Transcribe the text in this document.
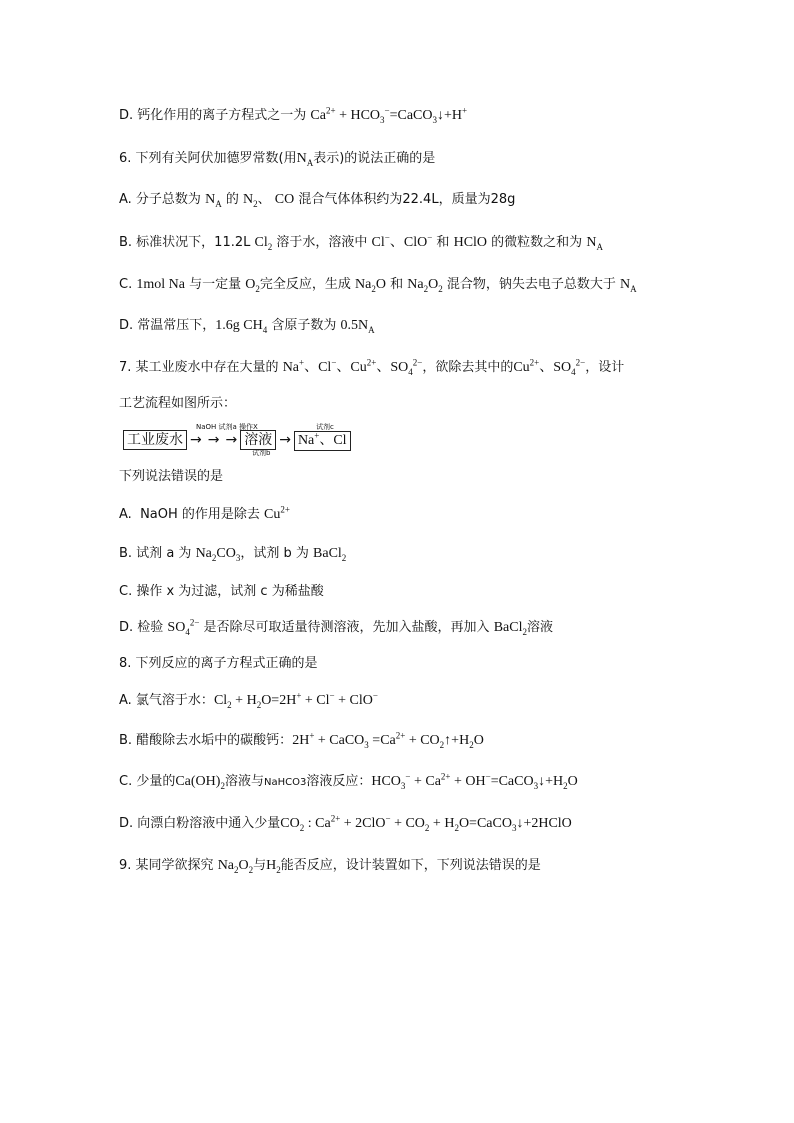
D. 钙化作用的离子方程式之一为 $Ca^{2+}$ + $HCO_3^-=CaCO_3↓+H^+$
6. 下列有关阿伏加德罗常数(用$N_A$表示)的说法正确的是
A. 分子总数为 $N_A$ 的 $N_2$、 CO 混合气体体积约为22.4L，质量为28g
B. 标准状况下，11.2L $Cl_2$ 溶于水，溶液中 Cl−、ClO− 和 HClO 的微粒数之和为 $N_A$
C. 1mol Na 与一定量 $O_2$完全反应，生成 $Na_2O$ 和 $Na_2O_2$ 混合物，钠失去电子总数大于 $N_A$
D. 常温常压下，1.6g $CH_4$ 含原子数为 $0.5N_A$
7. 某工业废水中存在大量的 Na+、Cl−、$Cu^{2+}$、$SO_4^{2-}$，欲除去其中的$Cu^{2+}$、$SO_4^{2-}$，设计
工艺流程如图所示：
NaOH 试剂a 操作X
试剂b
试剂c
工业废水 → → → 溶液 → Na+、Cl
下列说法错误的是
A. NaOH 的作用是除去 $Cu^{2+}$
B. 试剂 a 为 $Na_2CO_3$，试剂 b 为 BaCl$_2$
C. 操作 x 为过滤，试剂 c 为稀盐酸
D. 检验 $SO_4^{2-}$ 是否除尽可取适量待测溶液，先加入盐酸，再加入 BaCl$_2$溶液
8. 下列反应的离子方程式正确的是
A. 氯气溶于水：$Cl_2 + H_2O=2H^+ + Cl^- + ClO^-$
B. 醋酸除去水垢中的碳酸钙：2H+ + CaCO$_3$ $=Ca^{2+}$ + $CO_2↑+H_2O$
C. 少量的$Ca(OH)_2$溶液与NaHCO3溶液反应：$HCO_3^- + Ca^{2+}$ + $OH^-=CaCO_3↓+H_2O$
D. 向漂白粉溶液中通入少量$CO_2$ : $Ca^{2+} + 2ClO^- + CO_2$ + $H_2O=CaCO_3↓+2HClO$
9. 某同学欲探究 $Na_2O_2$与$H_2$能否反应，设计装置如下，下列说法错误的是
